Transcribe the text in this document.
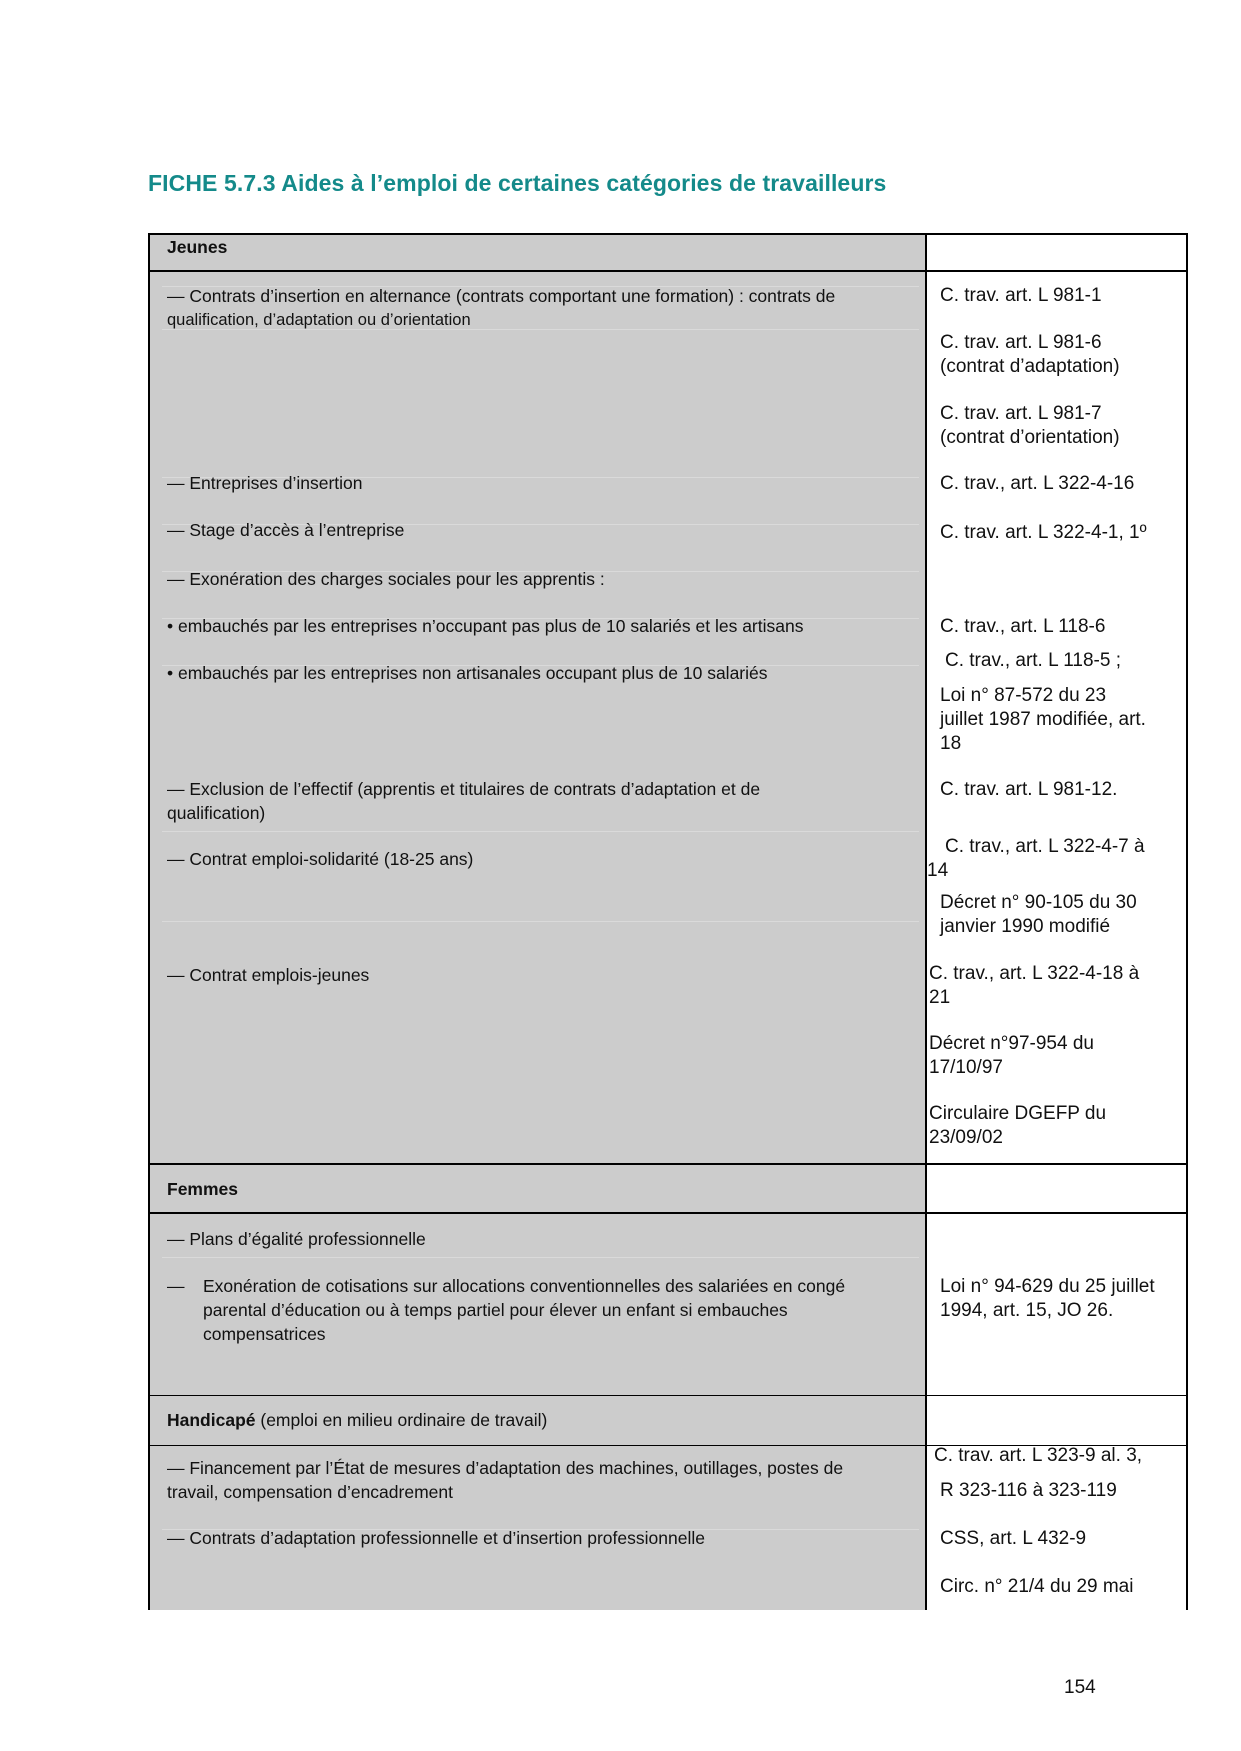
FICHE 5.7.3 Aides à l’emploi de certaines catégories de travailleurs
Jeunes
— Contrats d’insertion en alternance (contrats comportant une formation) : contrats de
qualification, d’adaptation ou d’orientation
— Entreprises d’insertion
— Stage d’accès à l’entreprise
— Exonération des charges sociales pour les apprentis :
• embauchés par les entreprises n’occupant pas plus de 10 salariés et les artisans
• embauchés par les entreprises non artisanales occupant plus de 10 salariés
— Exclusion de l’effectif (apprentis et titulaires de contrats d’adaptation et de
qualification)
— Contrat emploi-solidarité (18-25 ans)
— Contrat emplois-jeunes
C. trav. art. L 981-1
C. trav. art. L 981-6
(contrat d’adaptation)
C. trav. art. L 981-7
(contrat d’orientation)
C. trav., art. L 322-4-16
C. trav. art. L 322-4-1, 1º
C. trav., art. L 118-6
C. trav., art. L 118-5 ;
Loi n° 87-572 du 23
juillet 1987 modifiée, art.
18
C. trav. art. L 981-12.
C. trav., art. L 322-4-7 à
14
Décret n° 90-105 du 30
janvier 1990 modifié
C. trav., art. L 322-4-18 à
21
Décret n°97-954 du
17/10/97
Circulaire DGEFP du
23/09/02
Femmes
— Plans d’égalité professionnelle
— Exonération de cotisations sur allocations conventionnelles des salariées en congé
parental d’éducation ou à temps partiel pour élever un enfant si embauches
compensatrices
Loi n° 94-629 du 25 juillet
1994, art. 15, JO 26.
Handicapé (emploi en milieu ordinaire de travail)
— Financement par l’État de mesures d’adaptation des machines, outillages, postes de
travail, compensation d’encadrement
— Contrats d’adaptation professionnelle et d’insertion professionnelle
C. trav. art. L 323-9 al. 3,
R 323-116 à 323-119
CSS, art. L 432-9
Circ. n° 21/4 du 29 mai
154
